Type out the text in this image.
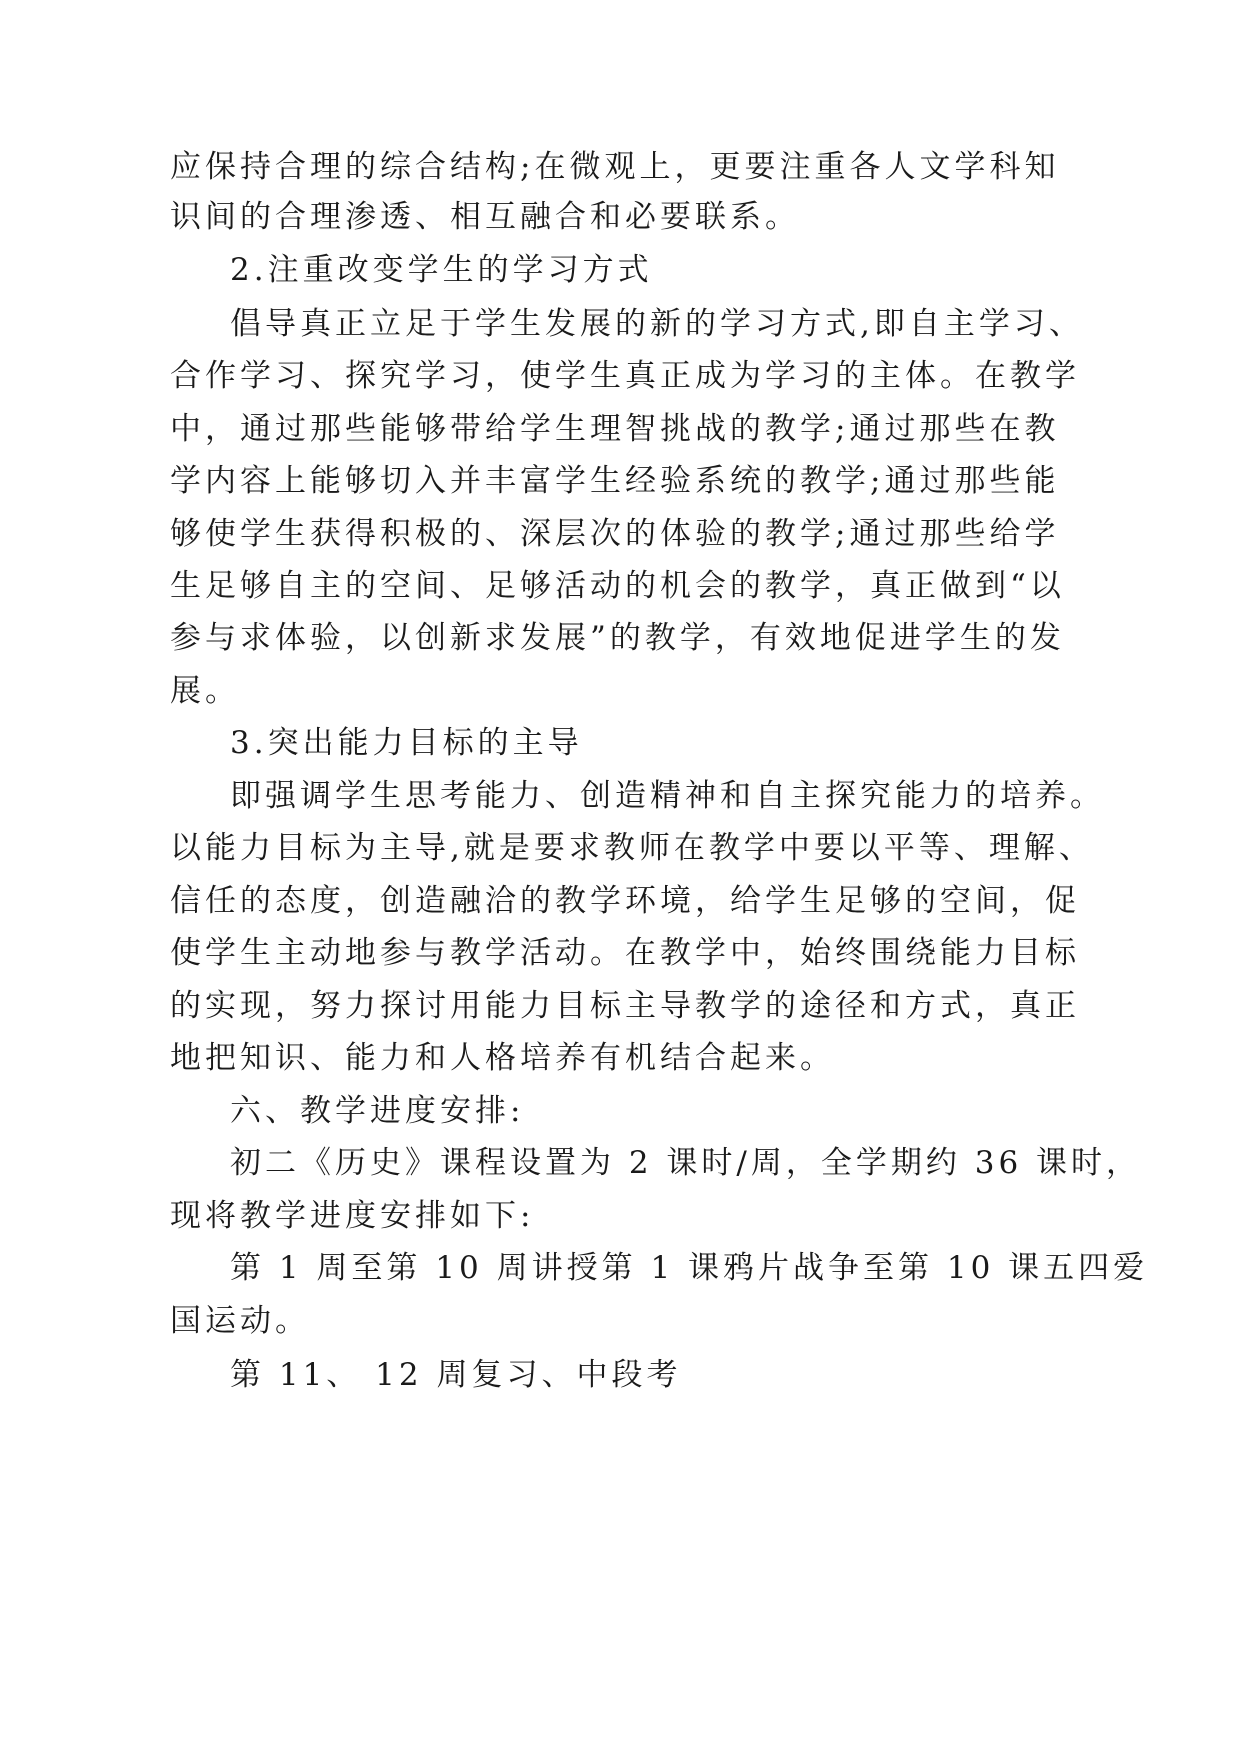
应保持合理的综合结构;在微观上，更要注重各人文学科知
识间的合理渗透、相互融合和必要联系。
2.注重改变学生的学习方式
倡导真正立足于学生发展的新的学习方式,即自主学习、
合作学习、探究学习，使学生真正成为学习的主体。在教学
中，通过那些能够带给学生理智挑战的教学;通过那些在教
学内容上能够切入并丰富学生经验系统的教学;通过那些能
够使学生获得积极的、深层次的体验的教学;通过那些给学
生足够自主的空间、足够活动的机会的教学，真正做到“以
参与求体验，以创新求发展”的教学，有效地促进学生的发
展。
3.突出能力目标的主导
即强调学生思考能力、创造精神和自主探究能力的培养。
以能力目标为主导,就是要求教师在教学中要以平等、理解、
信任的态度，创造融洽的教学环境，给学生足够的空间，促
使学生主动地参与教学活动。在教学中，始终围绕能力目标
的实现，努力探讨用能力目标主导教学的途径和方式，真正
地把知识、能力和人格培养有机结合起来。
六、教学进度安排:
初二《历史》课程设置为 2 课时/周，全学期约 36 课时，
现将教学进度安排如下:
第 1 周至第 10 周讲授第 1 课鸦片战争至第 10 课五四爱
国运动。
第 11、 12 周复习、中段考
